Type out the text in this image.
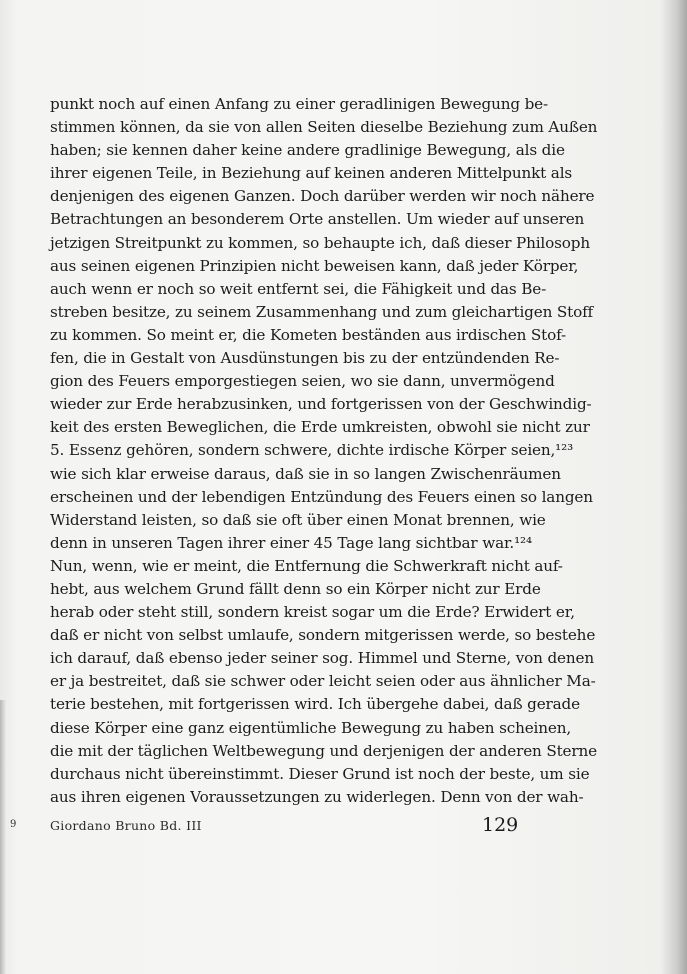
punkt noch auf einen Anfang zu einer geradlinigen Bewegung be-
stimmen können, da sie von allen Seiten dieselbe Beziehung zum Außen
haben; sie kennen daher keine andere gradlinige Bewegung, als die
ihrer eigenen Teile, in Beziehung auf keinen anderen Mittelpunkt als
denjenigen des eigenen Ganzen. Doch darüber werden wir noch nähere
Betrachtungen an besonderem Orte anstellen. Um wieder auf unseren
jetzigen Streitpunkt zu kommen, so behaupte ich, daß dieser Philosoph
aus seinen eigenen Prinzipien nicht beweisen kann, daß jeder Körper,
auch wenn er noch so weit entfernt sei, die Fähigkeit und das Be-
streben besitze, zu seinem Zusammenhang und zum gleichartigen Stoff
zu kommen. So meint er, die Kometen beständen aus irdischen Stof-
fen, die in Gestalt von Ausdünstungen bis zu der entzündenden Re-
gion des Feuers emporgestiegen seien, wo sie dann, unvermögend
wieder zur Erde herabzusinken, und fortgerissen von der Geschwindig-
keit des ersten Beweglichen, die Erde umkreisten, obwohl sie nicht zur
5. Essenz gehören, sondern schwere, dichte irdische Körper seien,¹²³
wie sich klar erweise daraus, daß sie in so langen Zwischenräumen
erscheinen und der lebendigen Entzündung des Feuers einen so langen
Widerstand leisten, so daß sie oft über einen Monat brennen, wie
denn in unseren Tagen ihrer einer 45 Tage lang sichtbar war.¹²⁴
Nun, wenn, wie er meint, die Entfernung die Schwerkraft nicht auf-
hebt, aus welchem Grund fällt denn so ein Körper nicht zur Erde
herab oder steht still, sondern kreist sogar um die Erde? Erwidert er,
daß er nicht von selbst umlaufe, sondern mitgerissen werde, so bestehe
ich darauf, daß ebenso jeder seiner sog. Himmel und Sterne, von denen
er ja bestreitet, daß sie schwer oder leicht seien oder aus ähnlicher Ma-
terie bestehen, mit fortgerissen wird. Ich übergehe dabei, daß gerade
diese Körper eine ganz eigentümliche Bewegung zu haben scheinen,
die mit der täglichen Weltbewegung und derjenigen der anderen Sterne
durchaus nicht übereinstimmt. Dieser Grund ist noch der beste, um sie
aus ihren eigenen Voraussetzungen zu widerlegen. Denn von der wah-
9	Giordano Bruno Bd. III	129
